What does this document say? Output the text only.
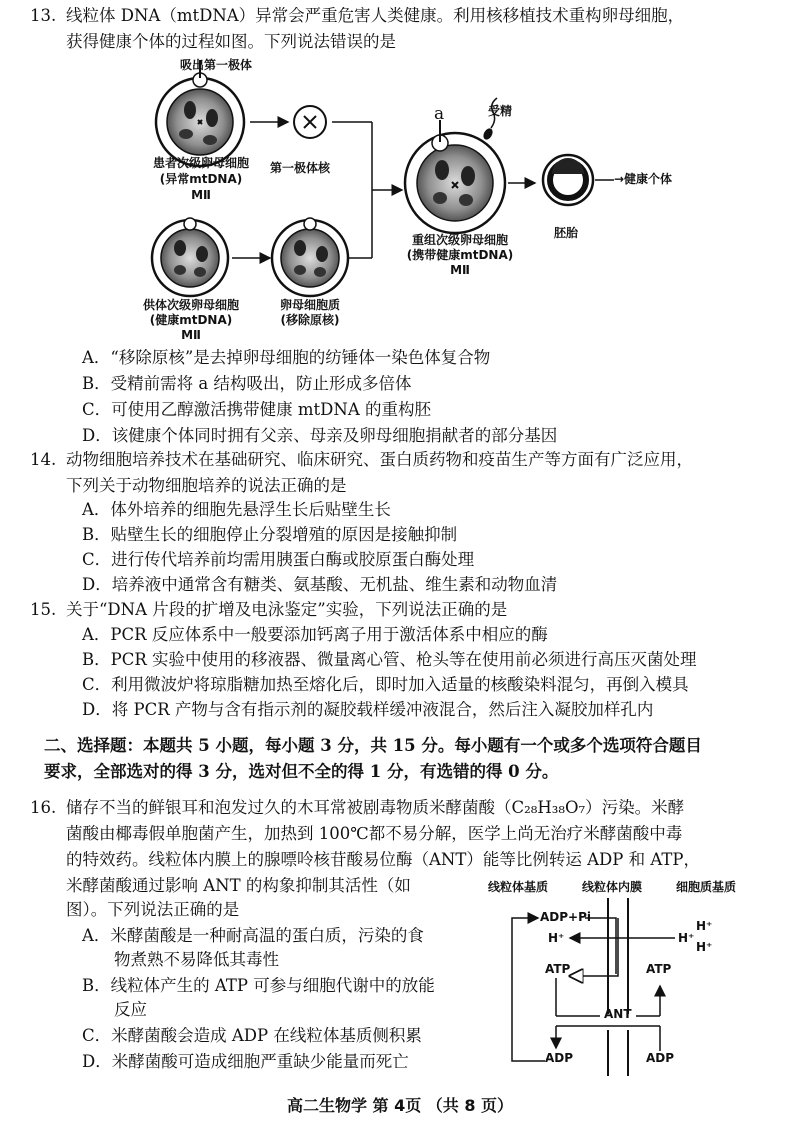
13. 线粒体 DNA（mtDNA）异常会严重危害人类健康。利用核移植技术重构卵母细胞，
获得健康个体的过程如图。下列说法错误的是
吸出第一极体
患者次级卵母细胞
(异常mtDNA)
MⅡ
第一极体核
供体次级卵母细胞
(健康mtDNA)
MⅡ
卵母细胞质
(移除原核)
重组次级卵母细胞
(携带健康mtDNA)
MⅡ
a	受精
胚胎
→健康个体
A．“移除原核”是去掉卵母细胞的纺锤体一染色体复合物
B．受精前需将 a 结构吸出，防止形成多倍体
C．可使用乙醇激活携带健康 mtDNA 的重构胚
D．该健康个体同时拥有父亲、母亲及卵母细胞捐献者的部分基因
14. 动物细胞培养技术在基础研究、临床研究、蛋白质药物和疫苗生产等方面有广泛应用，
下列关于动物细胞培养的说法正确的是
A．体外培养的细胞先悬浮生长后贴壁生长
B．贴壁生长的细胞停止分裂增殖的原因是接触抑制
C．进行传代培养前均需用胰蛋白酶或胶原蛋白酶处理
D．培养液中通常含有糖类、氨基酸、无机盐、维生素和动物血清
15. 关于“DNA 片段的扩增及电泳鉴定”实验，下列说法正确的是
A．PCR 反应体系中一般要添加钙离子用于激活体系中相应的酶
B．PCR 实验中使用的移液器、微量离心管、枪头等在使用前必须进行高压灭菌处理
C．利用微波炉将琼脂糖加热至熔化后，即时加入适量的核酸染料混匀，再倒入模具
D．将 PCR 产物与含有指示剂的凝胶载样缓冲液混合，然后注入凝胶加样孔内
二、选择题：本题共 5 小题，每小题 3 分，共 15 分。每小题有一个或多个选项符合题目
要求，全部选对的得 3 分，选对但不全的得 1 分，有选错的得 0 分。
16. 储存不当的鲜银耳和泡发过久的木耳常被剧毒物质米酵菌酸（C₂₈H₃₈O₇）污染。米酵
菌酸由椰毒假单胞菌产生，加热到 100℃都不易分解，医学上尚无治疗米酵菌酸中毒
的特效药。线粒体内膜上的腺嘌呤核苷酸易位酶（ANT）能等比例转运 ADP 和 ATP，
米酵菌酸通过影响 ANT 的构象抑制其活性（如
图）。下列说法正确的是
A．米酵菌酸是一种耐高温的蛋白质，污染的食
物煮熟不易降低其毒性
B．线粒体产生的 ATP 可参与细胞代谢中的放能
反应
C．米酵菌酸会造成 ADP 在线粒体基质侧积累
D．米酵菌酸可造成细胞严重缺少能量而死亡
线粒体基质	线粒体内膜	细胞质基质
ADP+Pi
H⁺	H⁺
H⁺
H⁺
ATP	ATP
ANT
ADP	ADP
高二生物学 第 4页 （共 8 页）
